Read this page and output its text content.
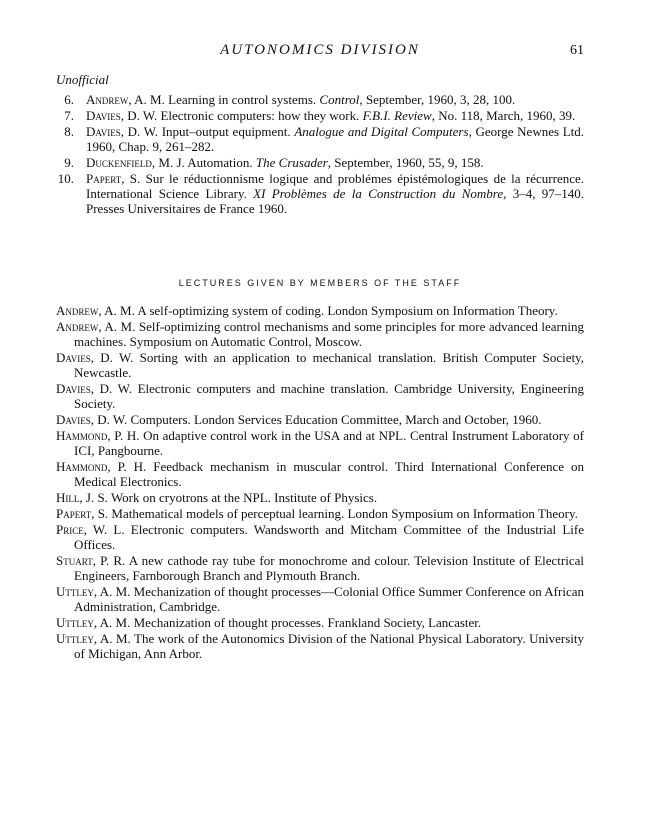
AUTONOMICS DIVISION	61
Unofficial
6. Andrew, A. M. Learning in control systems. Control, September, 1960, 3, 28, 100.
7. Davies, D. W. Electronic computers: how they work. F.B.I. Review, No. 118, March, 1960, 39.
8. Davies, D. W. Input–output equipment. Analogue and Digital Computers, George Newnes Ltd. 1960, Chap. 9, 261–282.
9. Duckenfield, M. J. Automation. The Crusader, September, 1960, 55, 9, 158.
10. Papert, S. Sur le réductionnisme logique and problémes épistémologiques de la récurrence. International Science Library. XI Problèmes de la Construction du Nombre, 3–4, 97–140. Presses Universitaires de France 1960.
LECTURES GIVEN BY MEMBERS OF THE STAFF
Andrew, A. M. A self-optimizing system of coding. London Symposium on Information Theory.
Andrew, A. M. Self-optimizing control mechanisms and some principles for more advanced learning machines. Symposium on Automatic Control, Moscow.
Davies, D. W. Sorting with an application to mechanical translation. British Computer Society, Newcastle.
Davies, D. W. Electronic computers and machine translation. Cambridge University, Engineering Society.
Davies, D. W. Computers. London Services Education Committee, March and October, 1960.
Hammond, P. H. On adaptive control work in the USA and at NPL. Central Instrument Laboratory of ICI, Pangbourne.
Hammond, P. H. Feedback mechanism in muscular control. Third International Conference on Medical Electronics.
Hill, J. S. Work on cryotrons at the NPL. Institute of Physics.
Papert, S. Mathematical models of perceptual learning. London Symposium on Information Theory.
Price, W. L. Electronic computers. Wandsworth and Mitcham Committee of the Industrial Life Offices.
Stuart, P. R. A new cathode ray tube for monochrome and colour. Television Institute of Electrical Engineers, Farnborough Branch and Plymouth Branch.
Uttley, A. M. Mechanization of thought processes—Colonial Office Summer Conference on African Administration, Cambridge.
Uttley, A. M. Mechanization of thought processes. Frankland Society, Lancaster.
Uttley, A. M. The work of the Autonomics Division of the National Physical Laboratory. University of Michigan, Ann Arbor.
